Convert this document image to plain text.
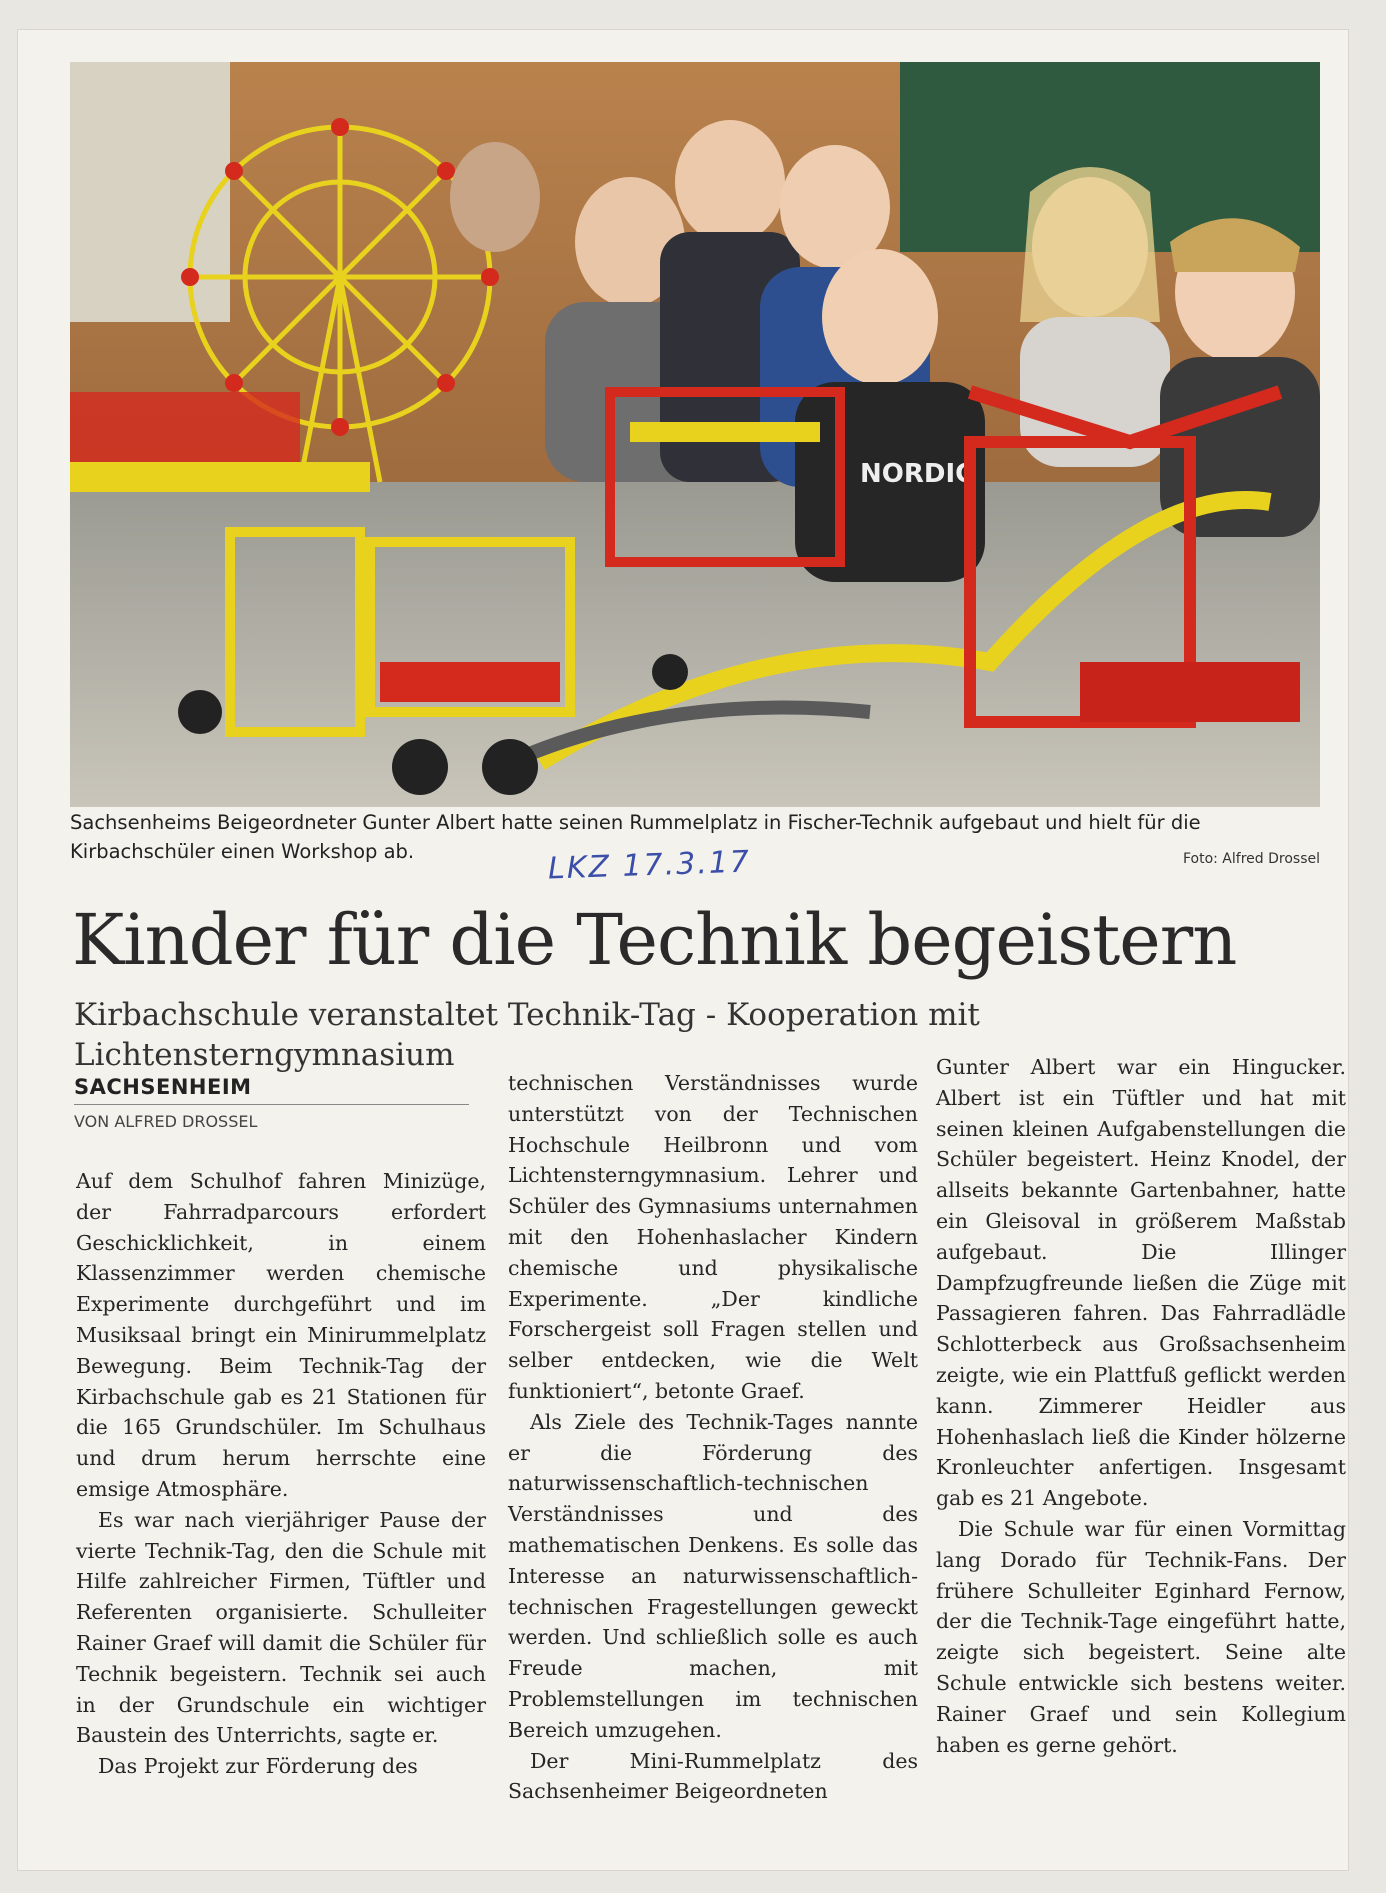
NORDIC
Sachsenheims Beigeordneter Gunter Albert hatte seinen Rummelplatz in Fischer-Technik aufgebaut und hielt für die Kirbachschüler einen Workshop ab.	Foto: Alfred Drossel
LKZ 17.3.17
Kinder für die Technik begeistern
Kirbachschule veranstaltet Technik-Tag - Kooperation mit Lichtensterngymnasium
SACHSENHEIM
VON ALFRED DROSSEL

Auf dem Schulhof fahren Minizüge, der Fahrradparcours erfordert Geschicklichkeit, in einem Klassenzimmer werden chemische Experimente durchgeführt und im Musiksaal bringt ein Minirummelplatz Bewegung. Beim Technik-Tag der Kirbachschule gab es 21 Stationen für die 165 Grundschüler. Im Schulhaus und drum herum herrschte eine emsige Atmosphäre.

Es war nach vierjähriger Pause der vierte Technik-Tag, den die Schule mit Hilfe zahlreicher Firmen, Tüftler und Referenten organisierte. Schulleiter Rainer Graef will damit die Schüler für Technik begeistern. Technik sei auch in der Grundschule ein wichtiger Baustein des Unterrichts, sagte er.

Das Projekt zur Förderung des

technischen Verständnisses wurde unterstützt von der Technischen Hochschule Heilbronn und vom Lichtensterngymnasium. Lehrer und Schüler des Gymnasiums unternahmen mit den Hohenhaslacher Kindern chemische und physikalische Experimente. „Der kindliche Forschergeist soll Fragen stellen und selber entdecken, wie die Welt funktioniert“, betonte Graef.

Als Ziele des Technik-Tages nannte er die Förderung des naturwissenschaftlich-technischen Verständnisses und des mathematischen Denkens. Es solle das Interesse an naturwissenschaftlich-technischen Fragestellungen geweckt werden. Und schließlich solle es auch Freude machen, mit Problemstellungen im technischen Bereich umzugehen.

Der Mini-Rummelplatz des Sachsenheimer Beigeordneten

Gunter Albert war ein Hingucker. Albert ist ein Tüftler und hat mit seinen kleinen Aufgabenstellungen die Schüler begeistert. Heinz Knodel, der allseits bekannte Gartenbahner, hatte ein Gleisoval in größerem Maßstab aufgebaut. Die Illinger Dampfzugfreunde ließen die Züge mit Passagieren fahren. Das Fahrradlädle Schlotterbeck aus Großsachsenheim zeigte, wie ein Plattfuß geflickt werden kann. Zimmerer Heidler aus Hohenhaslach ließ die Kinder hölzerne Kronleuchter anfertigen. Insgesamt gab es 21 Angebote.

Die Schule war für einen Vormittag lang Dorado für Technik-Fans. Der frühere Schulleiter Eginhard Fernow, der die Technik-Tage eingeführt hatte, zeigte sich begeistert. Seine alte Schule entwickle sich bestens weiter. Rainer Graef und sein Kollegium haben es gerne gehört.
